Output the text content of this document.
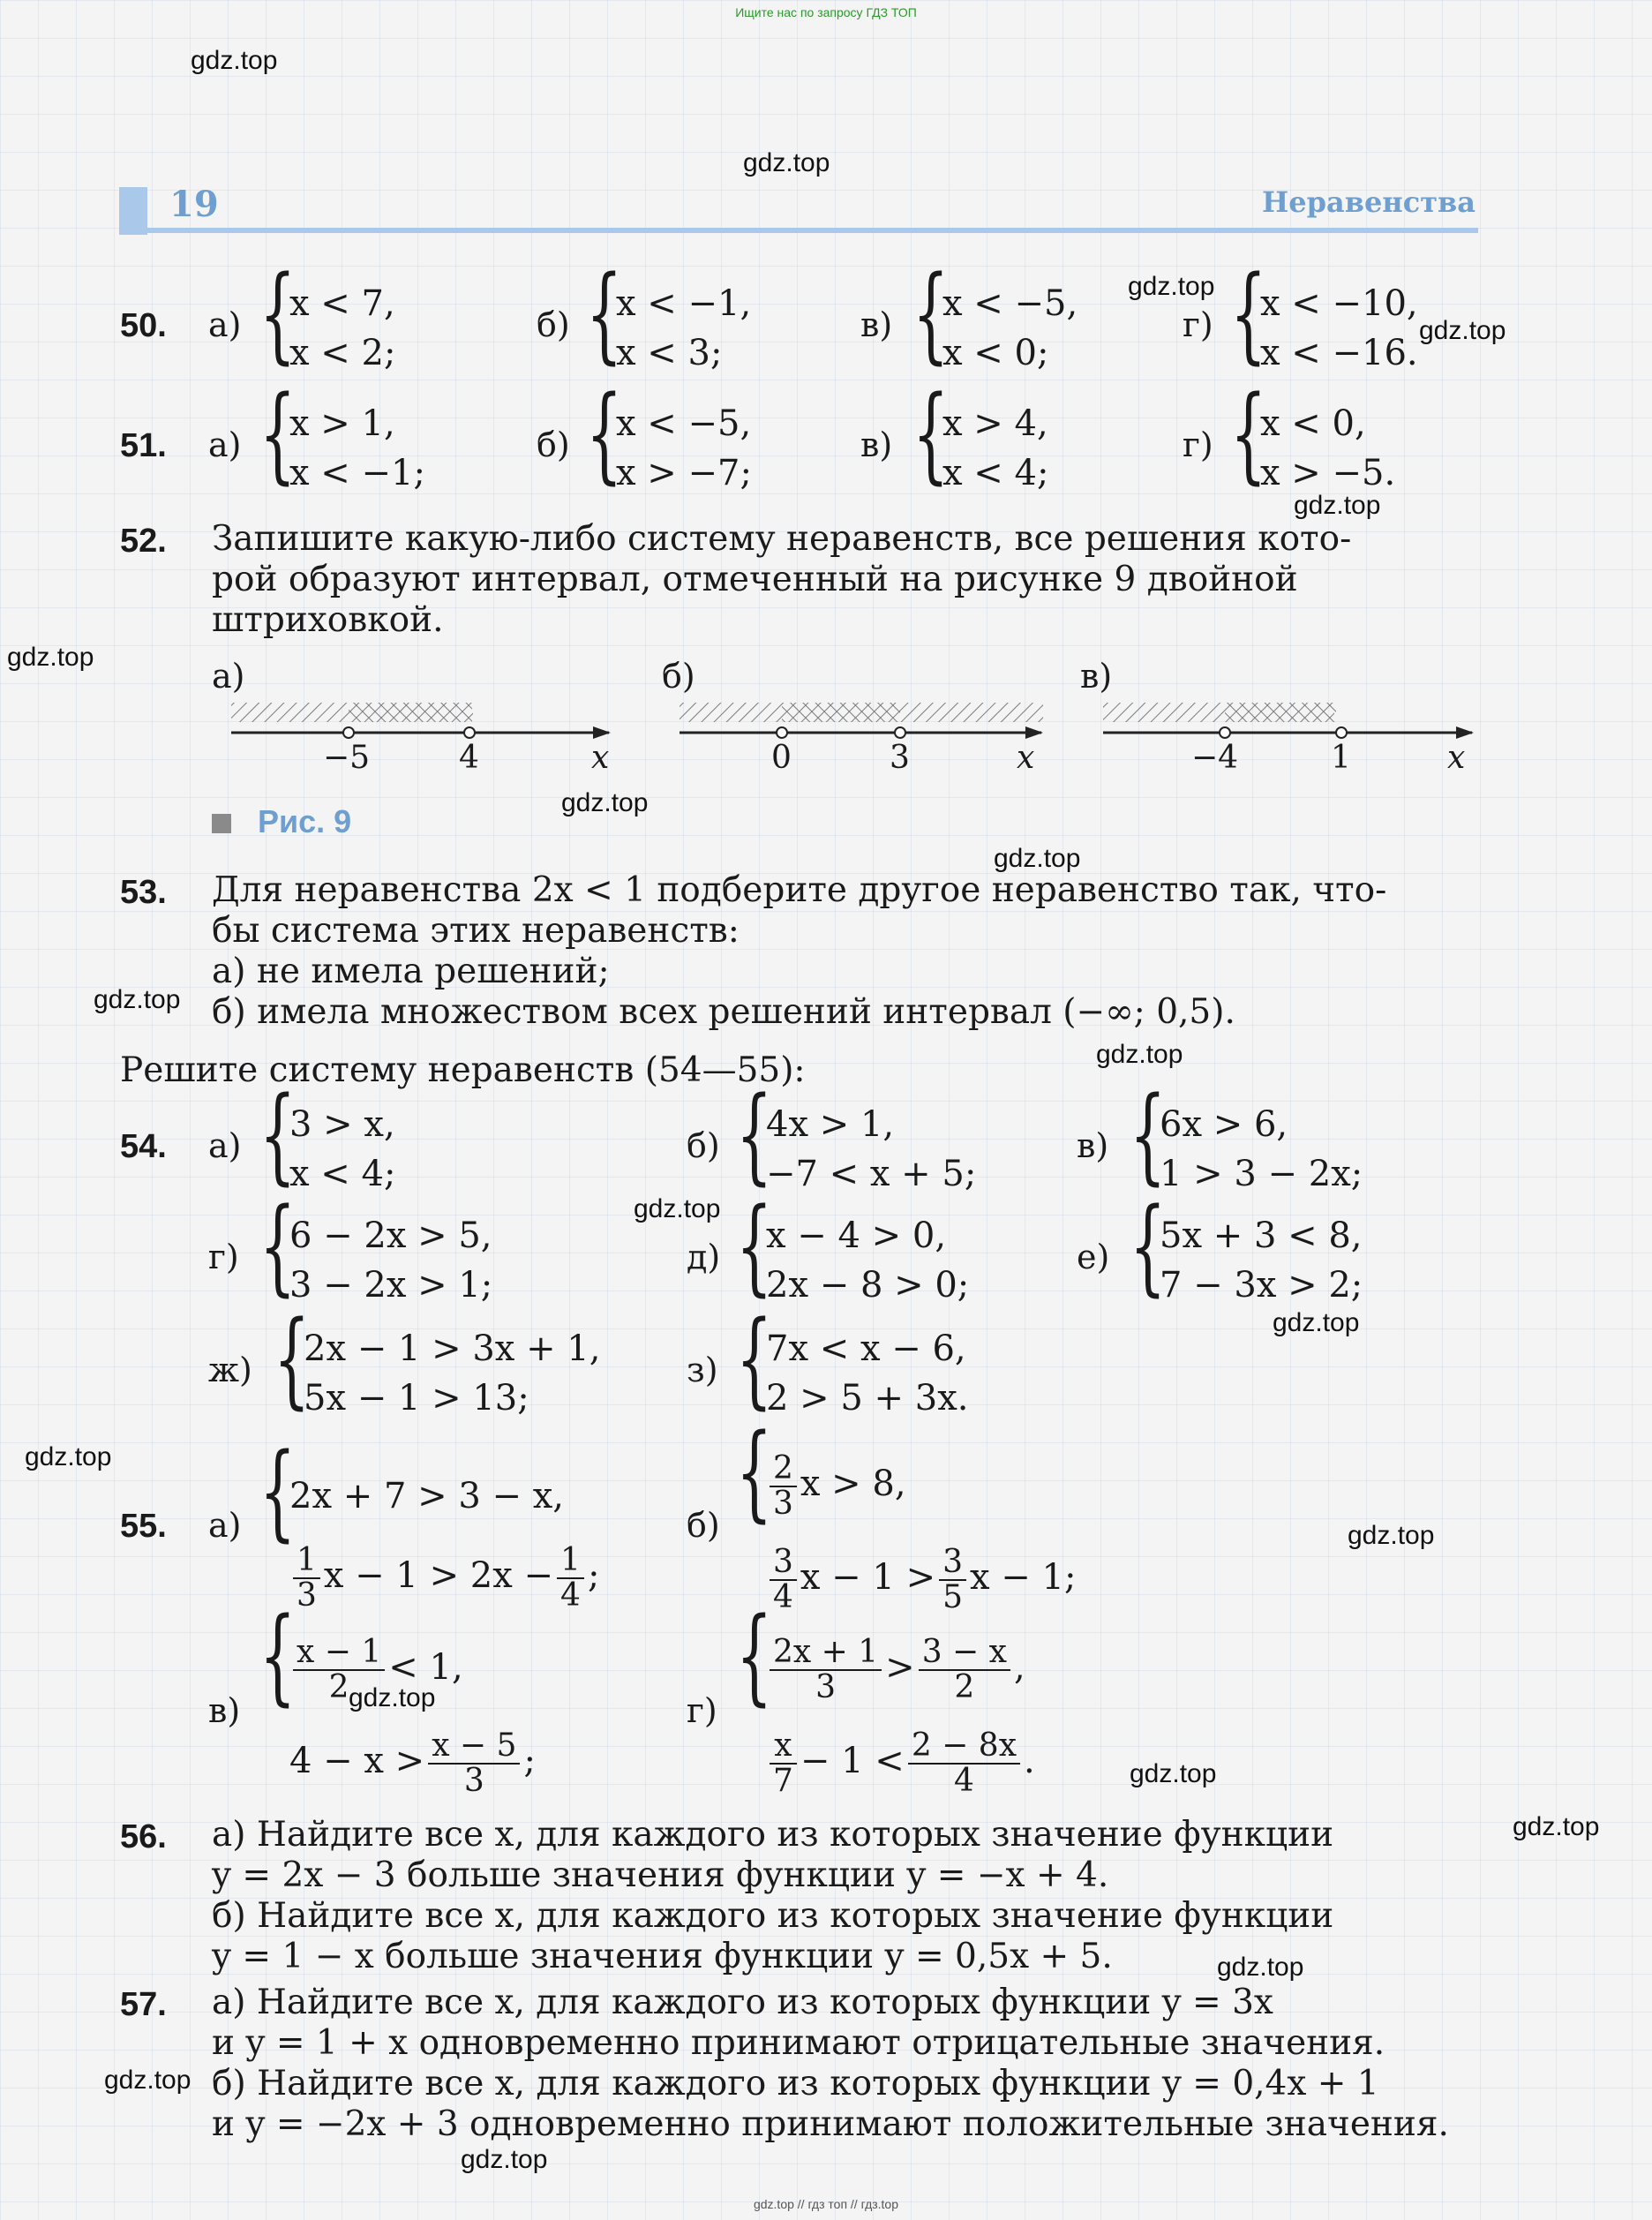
Ищите нас по запросу ГДЗ ТОП
gdz.top
gdz.top
gdz.top
gdz.top
gdz.top
gdz.top
gdz.top
gdz.top
gdz.top
gdz.top
gdz.top
gdz.top
gdz.top
gdz.top
gdz.top
gdz.top
gdz.top
gdz.top
gdz.top
gdz.top
19	Неравенства
50. а)
{ x < 7,
x < 2;
б)
{ x < −1,
x < 3;
в)
{ x < −5,
x < 0;
г)
{ x < −10,
x < −16.
51. а)
{ x > 1,
x < −1;
б)
{ x < −5,
x > −7;
в)
{ x > 4,
x < 4;
г)
{ x < 0,
x > −5.
52. Запишите какую-либо систему неравенств, все решения кото-
рой образуют интервал, отмеченный на рисунке 9 двойной
штриховкой.
а)	б)	в)
−5	4	x	0	3	x	−4	1	x
Рис. 9
53. Для неравенства 2x < 1 подберите другое неравенство так, что-
бы система этих неравенств:
а) не имела решений;
б) имела множеством всех решений интервал (−∞; 0,5).
Решите систему неравенств (54—55):
54. а)
{ 3 > x,
x < 4;
б)
{ 4x > 1,
−7 < x + 5;
в)
{ 6x > 6,
1 > 3 − 2x;
г)
{ 6 − 2x > 5,
3 − 2x > 1;
д)
{ x − 4 > 0,
2x − 8 > 0;
е)
{ 5x + 3 < 8,
7 − 3x > 2;
ж)
{ 2x − 1 > 3x + 1,
5x − 1 > 13;
з)
{ 7x < x − 6,
2 > 5 + 3x.
55. а)
{ 2x + 7 > 3 − x,
$\frac{1}{3}$ $x - 1 > 2x - \frac{1}{4}$ ;
б)
{ $\frac{2}{3}$ x > 8,
$\frac{3}{4}$ $x - 1 > \frac{3}{5}$ x − 1;
в)
{ $\frac{x - 1}{2} < 1$,
$4 - x > \frac{x - 5}{3}$ ;
г)
{ $\frac{2x + 1}{3} > \frac{3 - x}{2}$ ,
$\frac{x}{7} - 1 < \frac{2 - 8x}{4}$ .
56. а) Найдите все x, для каждого из которых значение функции
y = 2x − 3 больше значения функции y = −x + 4.
б) Найдите все x, для каждого из которых значение функции
y = 1 − x больше значения функции y = 0,5x + 5.
57. а) Найдите все x, для каждого из которых функции y = 3x
и y = 1 + x одновременно принимают отрицательные значения.
б) Найдите все x, для каждого из которых функции y = 0,4x + 1
и y = −2x + 3 одновременно принимают положительные значения.
gdz.top // гдз топ // гдз.top
